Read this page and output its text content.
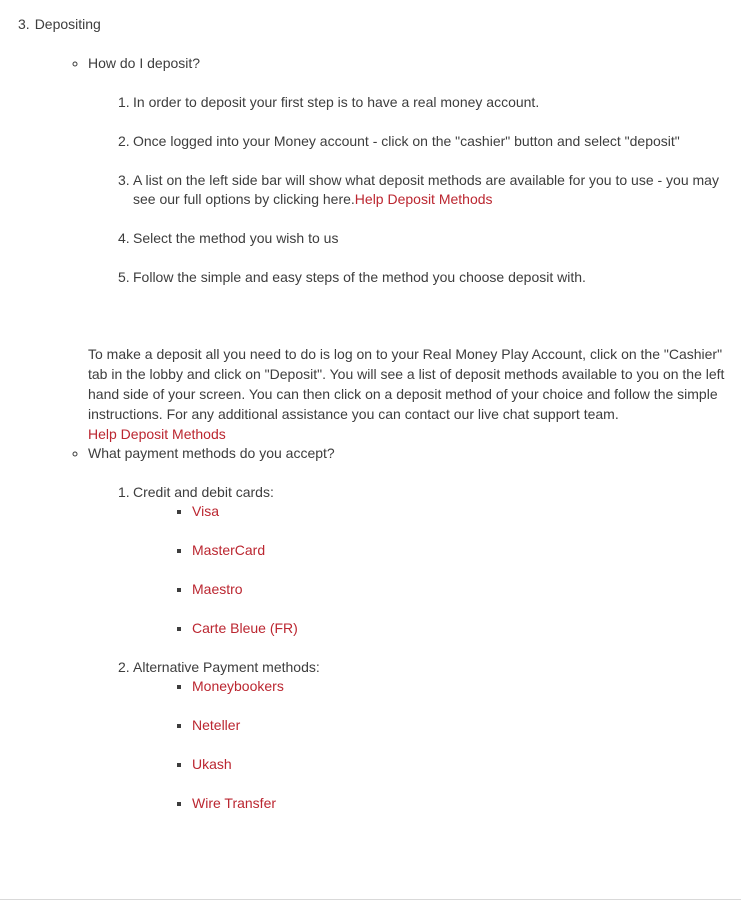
3. Depositing
◦ How do I deposit?
1. In order to deposit your first step is to have a real money account.
2. Once logged into your Money account - click on the "cashier" button and select "deposit"
3. A list on the left side bar will show what deposit methods are available for you to use - you may see our full options by clicking here.Help Deposit Methods
4. Select the method you wish to us
5. Follow the simple and easy steps of the method you choose deposit with.

To make a deposit all you need to do is log on to your Real Money Play Account, click on the "Cashier" tab in the lobby and click on "Deposit". You will see a list of deposit methods available to you on the left hand side of your screen. You can then click on a deposit method of your choice and follow the simple instructions. For any additional assistance you can contact our live chat support team.

Help Deposit Methods
◦ What payment methods do you accept?
1. Credit and debit cards:
▪ Visa
▪ MasterCard
▪ Maestro
▪ Carte Bleue (FR)
2. Alternative Payment methods:
▪ Moneybookers
▪ Neteller
▪ Ukash
▪ Wire Transfer
